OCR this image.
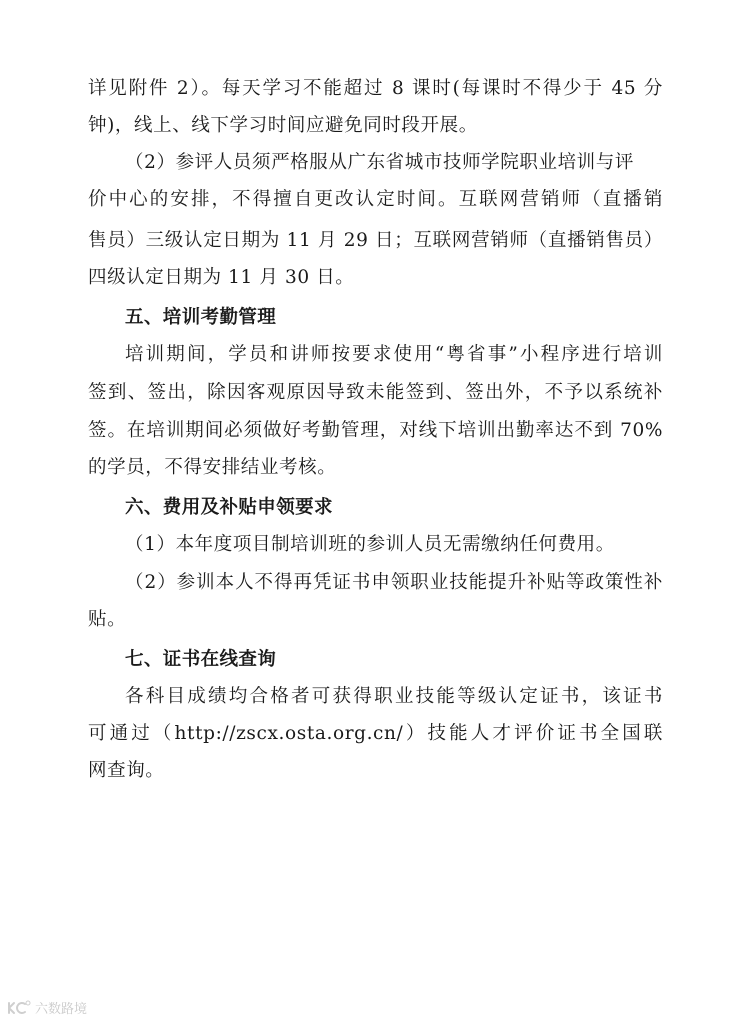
详见附件 2）。每天学习不能超过 8 课时(每课时不得少于 45 分
钟)，线上、线下学习时间应避免同时段开展。
（2）参评人员须严格服从广东省城市技师学院职业培训与评
价中心的安排，不得擅自更改认定时间。互联网营销师（直播销
售员）三级认定日期为 11 月 29 日；互联网营销师（直播销售员）
四级认定日期为 11 月 30 日。
五、培训考勤管理
培训期间，学员和讲师按要求使用“粤省事”小程序进行培训
签到、签出，除因客观原因导致未能签到、签出外，不予以系统补
签。在培训期间必须做好考勤管理，对线下培训出勤率达不到 70%
的学员，不得安排结业考核。
六、费用及补贴申领要求
（1）本年度项目制培训班的参训人员无需缴纳任何费用。
（2）参训本人不得再凭证书申领职业技能提升补贴等政策性补
贴。
七、证书在线查询
各科目成绩均合格者可获得职业技能等级认定证书，该证书
可通过（http://zscx.osta.org.cn/）技能人才评价证书全国联
网查询。
六数路境
